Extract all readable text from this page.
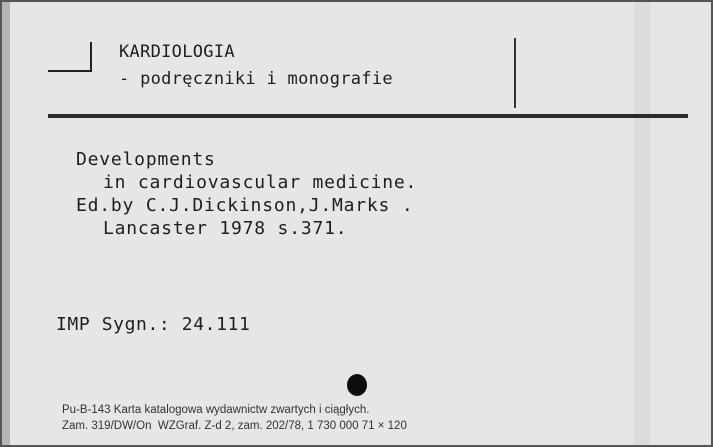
KARDIOLOGIA
- podręczniki i monografie
Developments
in cardiovascular medicine.
Ed.by C.J.Dickinson,J.Marks .
Lancaster 1978 s.371.
IMP Sygn.: 24.111
Pu-B-143 Karta katalogowa wydawnictw zwartych i ciągłych.
Zam. 319/DW/On  WZGraf. Z-d 2, zam. 202/78, 1 730 000 71 × 120
